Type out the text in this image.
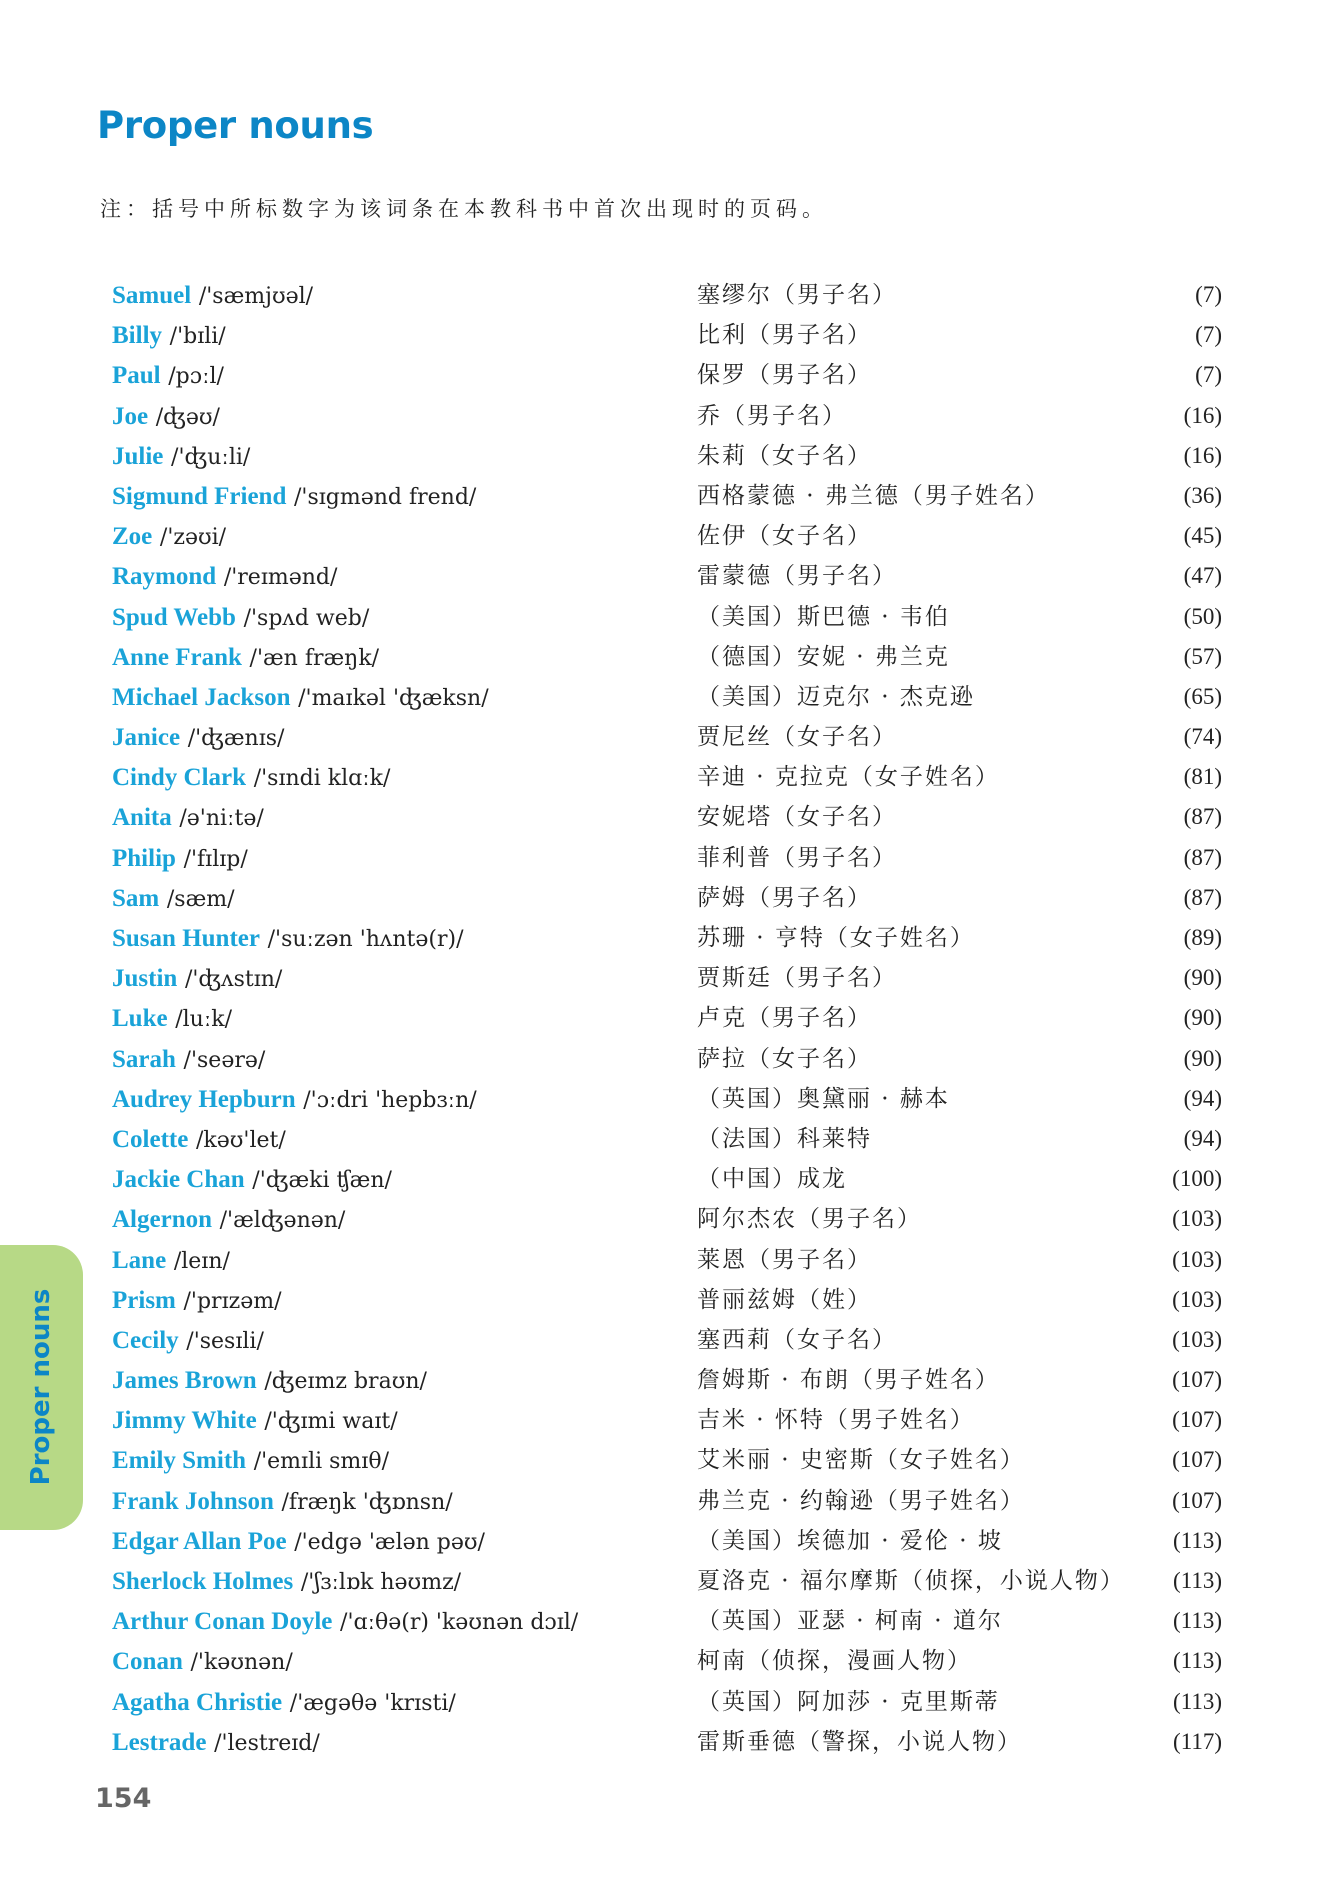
Proper nouns
注：括号中所标数字为该词条在本教科书中首次出现时的页码。
Samuel /'sæmjʊəl/	塞缪尔（男子名）	(7)
Billy /'bɪli/	比利（男子名）	(7)
Paul /pɔːl/	保罗（男子名）	(7)
Joe /ʤəʊ/	乔（男子名）	(16)
Julie /'ʤuːli/	朱莉（女子名）	(16)
Sigmund Friend /'sɪgmənd frend/	西格蒙德 · 弗兰德（男子姓名）	(36)
Zoe /'zəʊi/	佐伊（女子名）	(45)
Raymond /'reɪmənd/	雷蒙德（男子名）	(47)
Spud Webb /'spʌd web/	（美国）斯巴德 · 韦伯	(50)
Anne Frank /'æn fræŋk/	（德国）安妮 · 弗兰克	(57)
Michael Jackson /'maɪkəl 'ʤæksn/	（美国）迈克尔 · 杰克逊	(65)
Janice /'ʤænɪs/	贾尼丝（女子名）	(74)
Cindy Clark /'sɪndi klɑːk/	辛迪 · 克拉克（女子姓名）	(81)
Anita /ə'niːtə/	安妮塔（女子名）	(87)
Philip /'fɪlɪp/	菲利普（男子名）	(87)
Sam /sæm/	萨姆（男子名）	(87)
Susan Hunter /'suːzən 'hʌntə(r)/	苏珊 · 亨特（女子姓名）	(89)
Justin /'ʤʌstɪn/	贾斯廷（男子名）	(90)
Luke /luːk/	卢克（男子名）	(90)
Sarah /'seərə/	萨拉（女子名）	(90)
Audrey Hepburn /'ɔːdri 'hepbɜːn/	（英国）奥黛丽 · 赫本	(94)
Colette /kəʊ'let/	（法国）科莱特	(94)
Jackie Chan /'ʤæki ʧæn/	（中国）成龙	(100)
Algernon /'ælʤənən/	阿尔杰农（男子名）	(103)
Lane /leɪn/	莱恩（男子名）	(103)
Prism /'prɪzəm/	普丽兹姆（姓）	(103)
Cecily /'sesɪli/	塞西莉（女子名）	(103)
James Brown /ʤeɪmz braʊn/	詹姆斯 · 布朗（男子姓名）	(107)
Jimmy White /'ʤɪmi waɪt/	吉米 · 怀特（男子姓名）	(107)
Emily Smith /'emɪli smɪθ/	艾米丽 · 史密斯（女子姓名）	(107)
Frank Johnson /fræŋk 'ʤɒnsn/	弗兰克 · 约翰逊（男子姓名）	(107)
Edgar Allan Poe /'edgə 'ælən pəʊ/	（美国）埃德加 · 爱伦 · 坡	(113)
Sherlock Holmes /'ʃɜːlɒk həʊmz/	夏洛克 · 福尔摩斯（侦探，小说人物） (113)
Arthur Conan Doyle /'ɑːθə(r) 'kəʊnən dɔɪl/	（英国）亚瑟 · 柯南 · 道尔	(113)
Conan /'kəʊnən/	柯南（侦探，漫画人物）	(113)
Agatha Christie /'ægəθə 'krɪsti/	（英国）阿加莎 · 克里斯蒂	(113)
Lestrade /'lestreɪd/	雷斯垂德（警探，小说人物）	(117)
Proper nouns
154
